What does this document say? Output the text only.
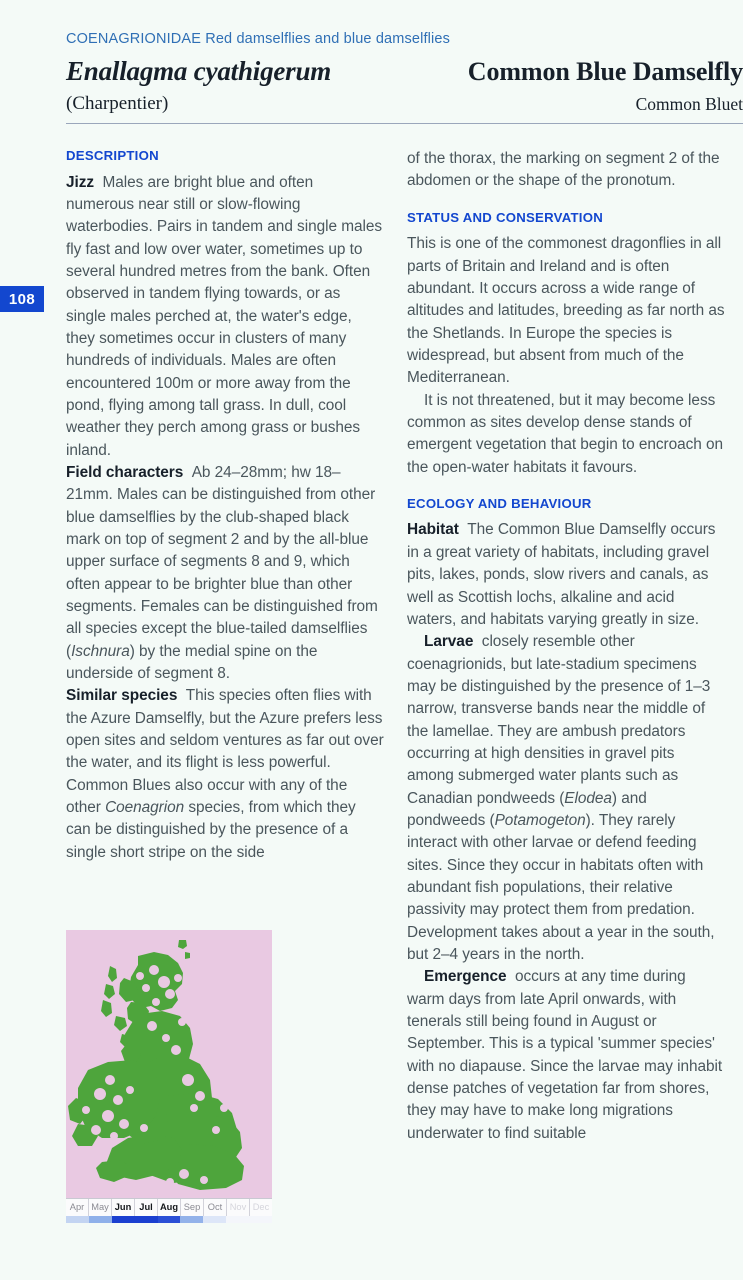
108
COENAGRIONIDAE Red damselflies and blue damselflies
Enallagma cyathigerum
(Charpentier)
Common Blue Damselfly
Common Bluet
DESCRIPTION

Jizz Males are bright blue and often numerous near still or slow-flowing waterbodies. Pairs in tandem and single males fly fast and low over water, sometimes up to several hundred metres from the bank. Often observed in tandem flying towards, or as single males perched at, the water's edge, they sometimes occur in clusters of many hundreds of individuals. Males are often encountered 100m or more away from the pond, flying among tall grass. In dull, cool weather they perch among grass or bushes inland.

Field characters Ab 24–28mm; hw 18–21mm. Males can be distinguished from other blue damselflies by the club-shaped black mark on top of segment 2 and by the all-blue upper surface of segments 8 and 9, which often appear to be brighter blue than other segments. Females can be distinguished from all species except the blue-tailed damselflies (Ischnura) by the medial spine on the underside of segment 8.

Similar species This species often flies with the Azure Damselfly, but the Azure prefers less open sites and seldom ventures as far out over the water, and its flight is less powerful. Common Blues also occur with any of the other Coenagrion species, from which they can be distinguished by the presence of a single short stripe on the side

Apr May Jun Jul Aug Sep Oct Nov Dec

of the thorax, the marking on segment 2 of the abdomen or the shape of the pronotum.

STATUS AND CONSERVATION

This is one of the commonest dragonflies in all parts of Britain and Ireland and is often abundant. It occurs across a wide range of altitudes and latitudes, breeding as far north as the Shetlands. In Europe the species is widespread, but absent from much of the Mediterranean.

It is not threatened, but it may become less common as sites develop dense stands of emergent vegetation that begin to encroach on the open-water habitats it favours.

ECOLOGY AND BEHAVIOUR

Habitat The Common Blue Damselfly occurs in a great variety of habitats, including gravel pits, lakes, ponds, slow rivers and canals, as well as Scottish lochs, alkaline and acid waters, and habitats varying greatly in size.

Larvae closely resemble other coenagrionids, but late-stadium specimens may be distinguished by the presence of 1–3 narrow, transverse bands near the middle of the lamellae. They are ambush predators occurring at high densities in gravel pits among submerged water plants such as Canadian pondweeds (Elodea) and pondweeds (Potamogeton). They rarely interact with other larvae or defend feeding sites. Since they occur in habitats often with abundant fish populations, their relative passivity may protect them from predation. Development takes about a year in the south, but 2–4 years in the north.

Emergence occurs at any time during warm days from late April onwards, with tenerals still being found in August or September. This is a typical 'summer species' with no diapause. Since the larvae may inhabit dense patches of vegetation far from shores, they may have to make long migrations underwater to find suitable
